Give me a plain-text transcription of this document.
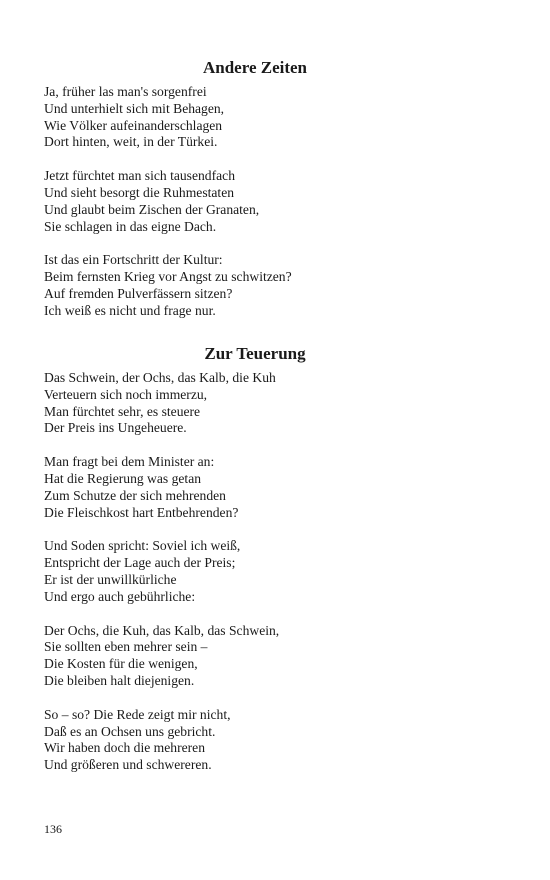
Andere Zeiten
Ja, früher las man's sorgenfrei
Und unterhielt sich mit Behagen,
Wie Völker aufeinanderschlagen
Dort hinten, weit, in der Türkei.
Jetzt fürchtet man sich tausendfach
Und sieht besorgt die Ruhmestaten
Und glaubt beim Zischen der Granaten,
Sie schlagen in das eigne Dach.
Ist das ein Fortschritt der Kultur:
Beim fernsten Krieg vor Angst zu schwitzen?
Auf fremden Pulverfässern sitzen?
Ich weiß es nicht und frage nur.
Zur Teuerung
Das Schwein, der Ochs, das Kalb, die Kuh
Verteuern sich noch immerzu,
Man fürchtet sehr, es steuere
Der Preis ins Ungeheuere.
Man fragt bei dem Minister an:
Hat die Regierung was getan
Zum Schutze der sich mehrenden
Die Fleischkost hart Entbehrenden?
Und Soden spricht: Soviel ich weiß,
Entspricht der Lage auch der Preis;
Er ist der unwillkürliche
Und ergo auch gebührliche:
Der Ochs, die Kuh, das Kalb, das Schwein,
Sie sollten eben mehrer sein –
Die Kosten für die wenigen,
Die bleiben halt diejenigen.
So – so? Die Rede zeigt mir nicht,
Daß es an Ochsen uns gebricht.
Wir haben doch die mehreren
Und größeren und schwereren.
136
